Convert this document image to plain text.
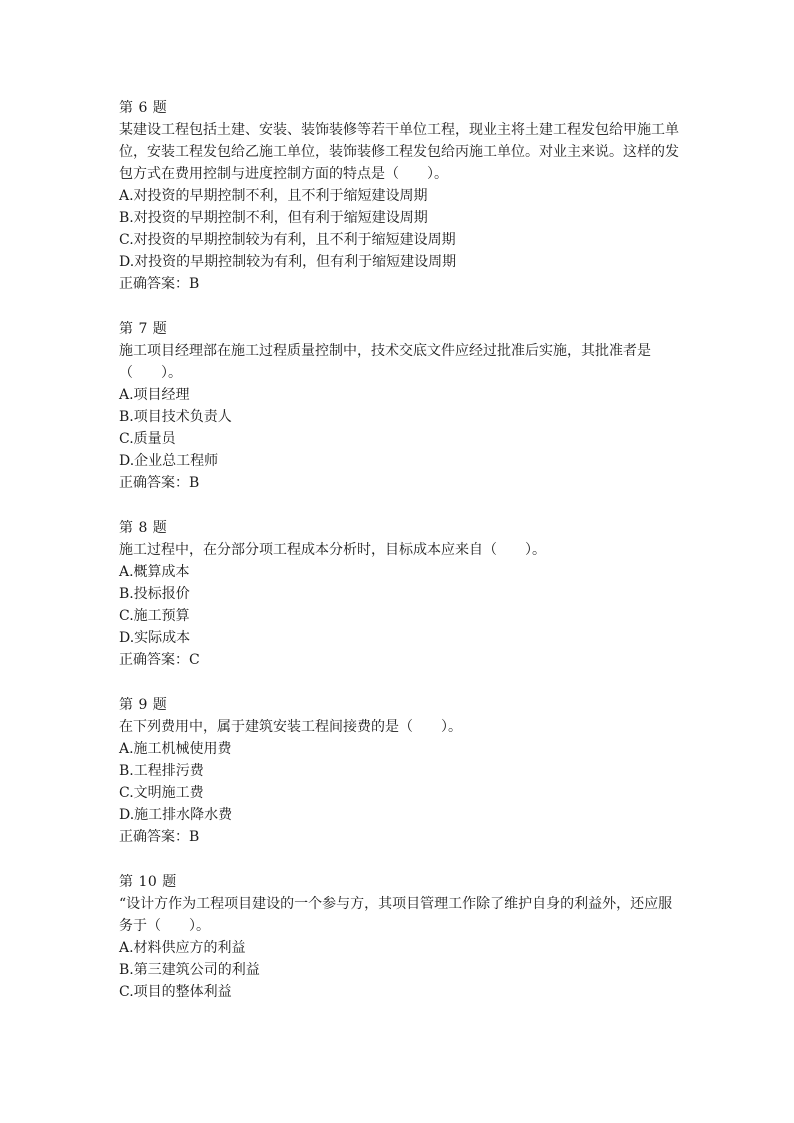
第 6 题
某建设工程包括土建、安装、装饰装修等若干单位工程，现业主将土建工程发包给甲施工单
位，安装工程发包给乙施工单位，装饰装修工程发包给丙施工单位。对业主来说。这样的发
包方式在费用控制与进度控制方面的特点是（　　）。
A.对投资的早期控制不利，且不利于缩短建设周期
B.对投资的早期控制不利，但有利于缩短建设周期
C.对投资的早期控制较为有利，且不利于缩短建设周期
D.对投资的早期控制较为有利，但有利于缩短建设周期
正确答案：B
第 7 题
施工项目经理部在施工过程质量控制中，技术交底文件应经过批准后实施，其批准者是
（　　）。
A.项目经理
B.项目技术负责人
C.质量员
D.企业总工程师
正确答案：B
第 8 题
施工过程中，在分部分项工程成本分析时，目标成本应来自（　　）。
A.概算成本
B.投标报价
C.施工预算
D.实际成本
正确答案：C
第 9 题
在下列费用中，属于建筑安装工程间接费的是（　　）。
A.施工机械使用费
B.工程排污费
C.文明施工费
D.施工排水降水费
正确答案：B
第 10 题
“设计方作为工程项目建设的一个参与方，其项目管理工作除了维护自身的利益外，还应服
务于（　　）。
A.材料供应方的利益
B.第三建筑公司的利益
C.项目的整体利益
